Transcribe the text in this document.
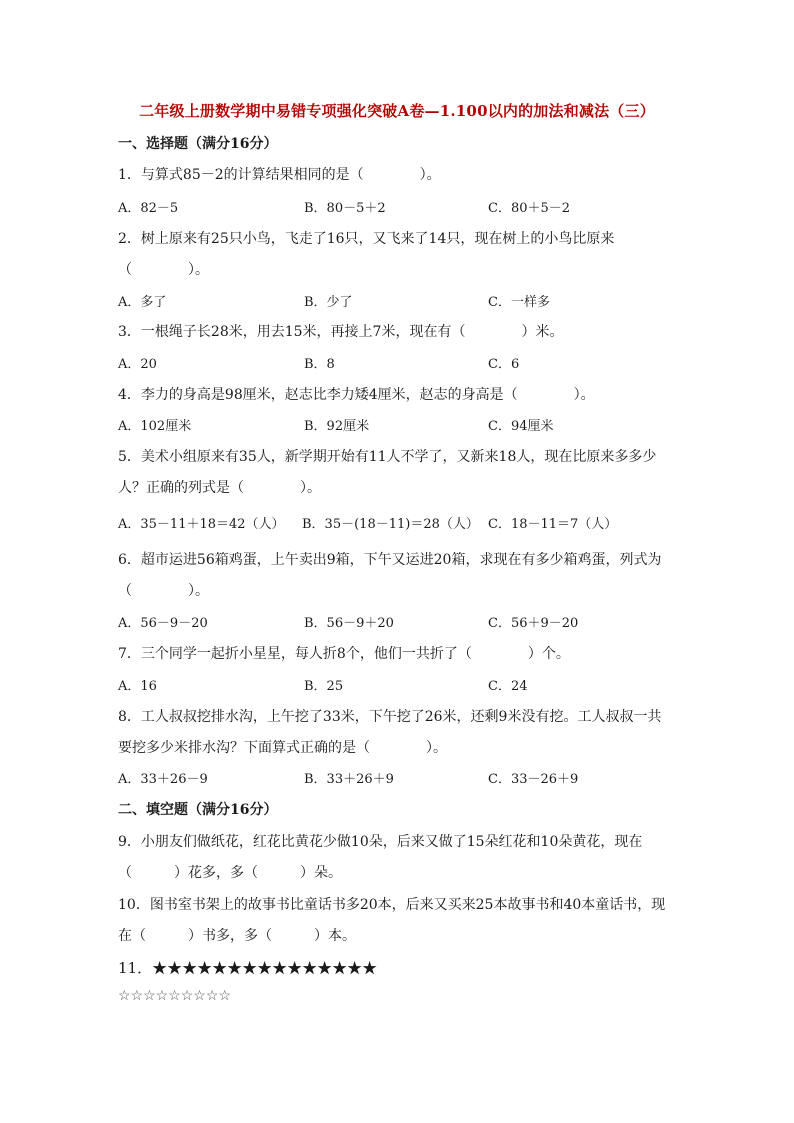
二年级上册数学期中易错专项强化突破A卷—1.100以内的加法和减法（三）
一、选择题（满分16分）
1．与算式85－2的计算结果相同的是（　　　　）。
A．82－5	B．80－5＋2	C．80＋5－2
2．树上原来有25只小鸟，飞走了16只，又飞来了14只，现在树上的小鸟比原来
（　　　　）。
A．多了	B．少了	C．一样多
3．一根绳子长28米，用去15米，再接上7米，现在有（　　　　）米。
A．20	B．8	C．6
4．李力的身高是98厘米，赵志比李力矮4厘米，赵志的身高是（　　　　）。
A．102厘米	B．92厘米	C．94厘米
5．美术小组原来有35人，新学期开始有11人不学了，又新来18人，现在比原来多多少
人？正确的列式是（　　　　）。
A．35－11＋18＝42（人） B．35－(18－11)＝28（人） C．18－11＝7（人）
6．超市运进56箱鸡蛋，上午卖出9箱，下午又运进20箱，求现在有多少箱鸡蛋，列式为
（　　　　）。
A．56－9－20	B．56－9＋20	C．56＋9－20
7．三个同学一起折小星星，每人折8个，他们一共折了（　　　　）个。
A．16	B．25	C．24
8．工人叔叔挖排水沟，上午挖了33米，下午挖了26米，还剩9米没有挖。工人叔叔一共
要挖多少米排水沟？下面算式正确的是（　　　　）。
A．33＋26－9	B．33＋26＋9	C．33－26＋9
二、填空题（满分16分）
9．小朋友们做纸花，红花比黄花少做10朵，后来又做了15朵红花和10朵黄花，现在
（　　　）花多，多（　　　）朵。
10．图书室书架上的故事书比童话书多20本，后来又买来25本故事书和40本童话书，现
在（　　　）书多，多（　　　）本。
11．★★★★★★★★★★★★★★★
☆☆☆☆☆☆☆☆☆
